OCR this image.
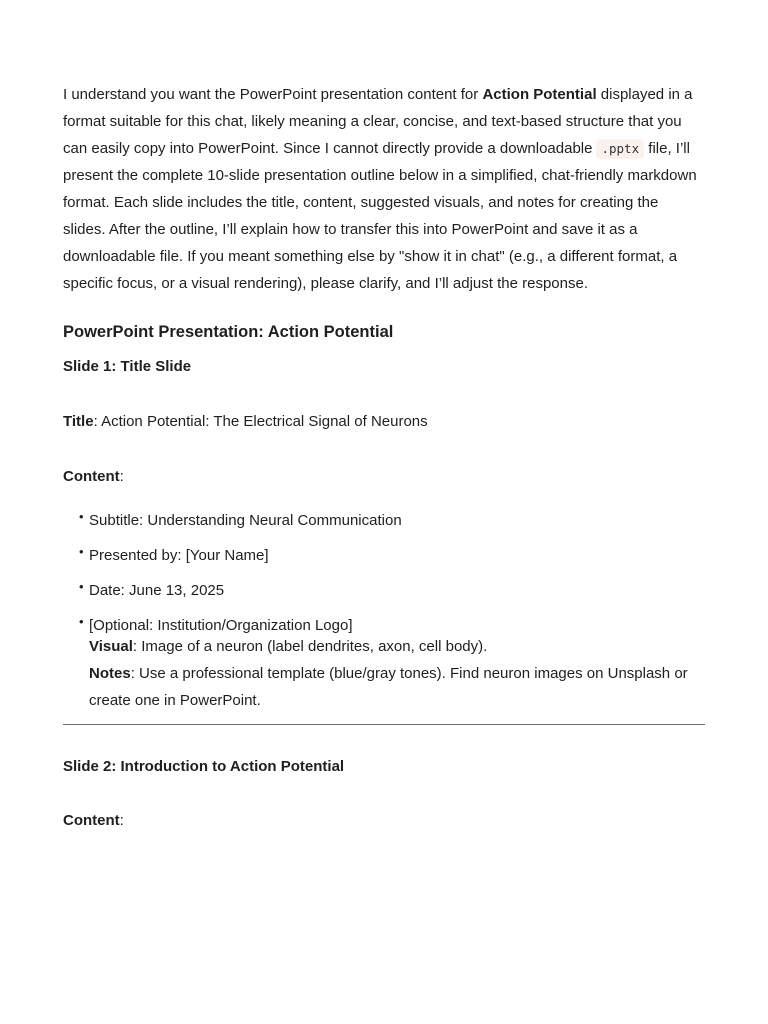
I understand you want the PowerPoint presentation content for Action Potential displayed in a format suitable for this chat, likely meaning a clear, concise, and text-based structure that you can easily copy into PowerPoint. Since I cannot directly provide a downloadable .pptx file, I’ll present the complete 10-slide presentation outline below in a simplified, chat-friendly markdown format. Each slide includes the title, content, suggested visuals, and notes for creating the slides. After the outline, I’ll explain how to transfer this into PowerPoint and save it as a downloadable file. If you meant something else by "show it in chat" (e.g., a different format, a specific focus, or a visual rendering), please clarify, and I’ll adjust the response.

PowerPoint Presentation: Action Potential
Slide 1: Title Slide

Title: Action Potential: The Electrical Signal of Neurons

Content:

• Subtitle: Understanding Neural Communication
• Presented by: [Your Name]
• Date: June 13, 2025
• [Optional: Institution/Organization Logo]

Visual: Image of a neuron (label dendrites, axon, cell body).
Notes: Use a professional template (blue/gray tones). Find neuron images on Unsplash or create one in PowerPoint.

Slide 2: Introduction to Action Potential

Content:
